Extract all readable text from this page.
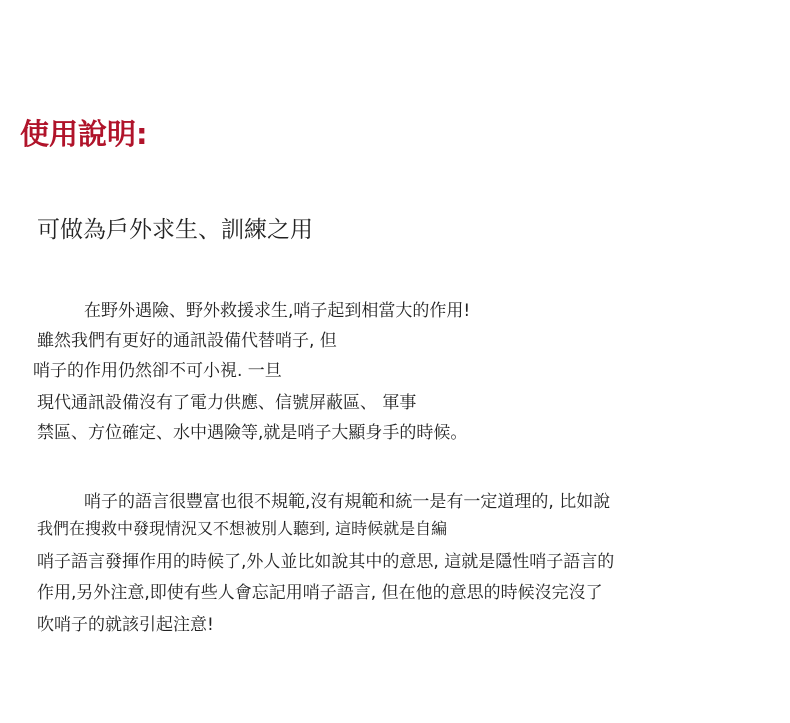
使用說明:
可做為戶外求生、訓練之用
在野外遇險、野外救援求生,哨子起到相當大的作用!
雖然我們有更好的通訊設備代替哨子, 但
哨子的作用仍然卻不可小視. 一旦
現代通訊設備沒有了電力供應、信號屏蔽區、 軍事
禁區、方位確定、水中遇險等,就是哨子大顯身手的時候。
哨子的語言很豐富也很不規範,沒有規範和統一是有一定道理的, 比如說
我們在搜救中發現情況又不想被別人聽到, 這時候就是自編
哨子語言發揮作用的時候了,外人並比如說其中的意思, 這就是隱性哨子語言的
作用,另外注意,即使有些人會忘記用哨子語言, 但在他的意思的時候沒完沒了
吹哨子的就該引起注意!
